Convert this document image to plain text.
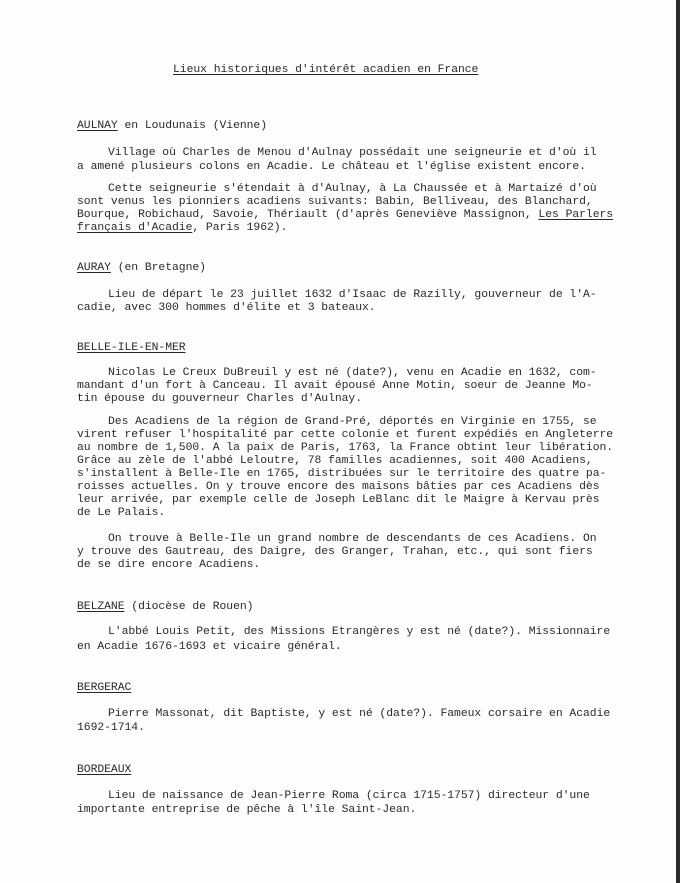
Lieux historiques d'intérêt acadien en France
AULNAY en Loudunais (Vienne)
Village où Charles de Menou d'Aulnay possédait une seigneurie et d'où il
a amené plusieurs colons en Acadie. Le château et l'église existent encore.
Cette seigneurie s'étendait à d'Aulnay, à La Chaussée et à Martaizé d'où
sont venus les pionniers acadiens suivants: Babin, Belliveau, des Blanchard,
Bourque, Robichaud, Savoie, Thériault (d'après Geneviève Massignon, Les Parlers
français d'Acadie, Paris 1962).
AURAY (en Bretagne)
Lieu de départ le 23 juillet 1632 d'Isaac de Razilly, gouverneur de l'A-
cadie, avec 300 hommes d'élite et 3 bateaux.
BELLE-ILE-EN-MER
Nicolas Le Creux DuBreuil y est né (date?), venu en Acadie en 1632, com-
mandant d'un fort à Canceau. Il avait épousé Anne Motin, soeur de Jeanne Mo-
tin épouse du gouverneur Charles d'Aulnay.
Des Acadiens de la région de Grand-Pré, déportés en Virginie en 1755, se
virent refuser l'hospitalité par cette colonie et furent expédiés en Angleterre
au nombre de 1,500. A la paix de Paris, 1763, la France obtint leur libération.
Grâce au zèle de l'abbé Leloutre, 78 familles acadiennes, soit 400 Acadiens,
s'installent à Belle-Ile en 1765, distribuées sur le territoire des quatre pa-
roisses actuelles. On y trouve encore des maisons bâties par ces Acadiens dès
leur arrivée, par exemple celle de Joseph LeBlanc dit le Maigre à Kervau près
de Le Palais.
On trouve à Belle-Ile un grand nombre de descendants de ces Acadiens. On
y trouve des Gautreau, des Daigre, des Granger, Trahan, etc., qui sont fiers
de se dire encore Acadiens.
BELZANE (diocèse de Rouen)
L'abbé Louis Petit, des Missions Etrangères y est né (date?). Missionnaire
en Acadie 1676-1693 et vicaire général.
BERGERAC
Pierre Massonat, dit Baptiste, y est né (date?). Fameux corsaire en Acadie
1692-1714.
BORDEAUX
Lieu de naissance de Jean-Pierre Roma (circa 1715-1757) directeur d'une
importante entreprise de pêche à l'île Saint-Jean.
